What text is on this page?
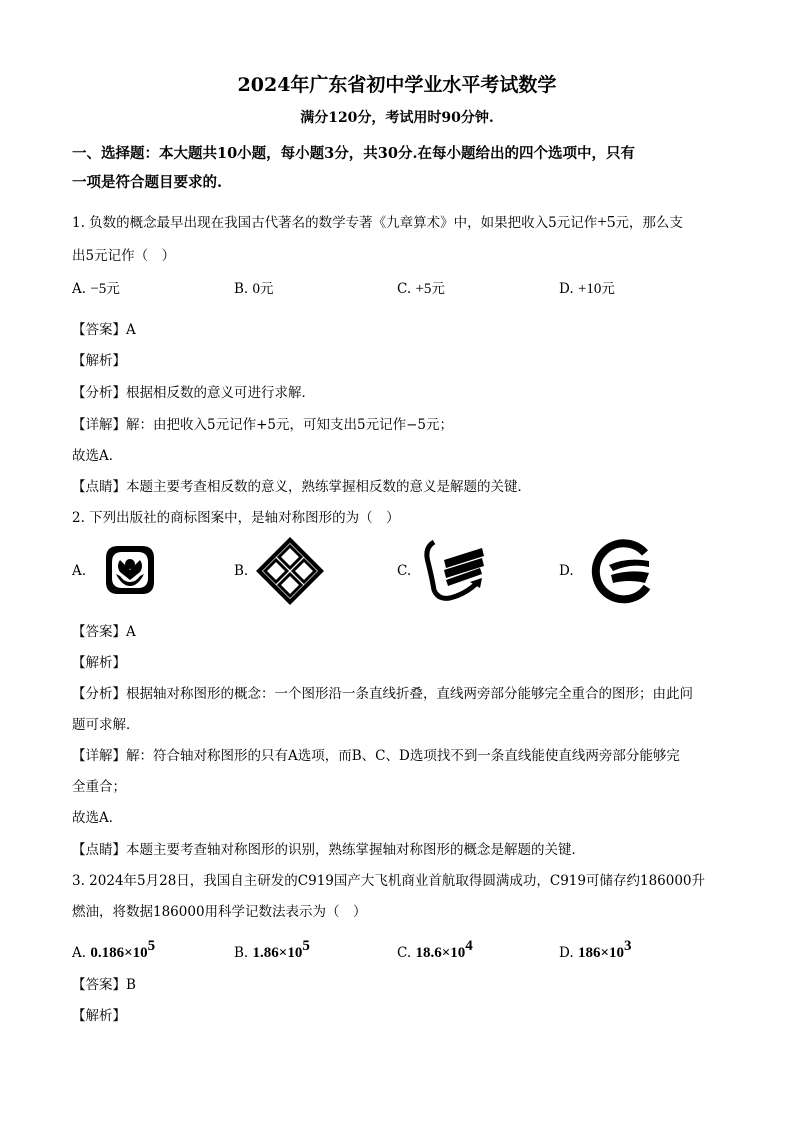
2024年广东省初中学业水平考试数学
满分120分，考试用时90分钟.
一、选择题：本大题共10小题，每小题3分，共30分.在每小题给出的四个选项中，只有
一项是符合题目要求的.
1. 负数的概念最早出现在我国古代著名的数学专著《九章算术》中，如果把收入5元记作+5元，那么支
出5元记作（　）
A. −5元	B. 0元	C. +5元	D. +10元
【答案】A
【解析】
【分析】根据相反数的意义可进行求解．
【详解】解：由把收入5元记作+5元，可知支出5元记作−5元；
故选A．
【点睛】本题主要考查相反数的意义，熟练掌握相反数的意义是解题的关键．
2. 下列出版社的商标图案中，是轴对称图形的为（　）
A.	B.	C.	D.
【答案】A
【解析】
【分析】根据轴对称图形的概念：一个图形沿一条直线折叠，直线两旁部分能够完全重合的图形；由此问
题可求解．
【详解】解：符合轴对称图形的只有A选项，而B、C、D选项找不到一条直线能使直线两旁部分能够完
全重合；
故选A．
【点睛】本题主要考查轴对称图形的识别，熟练掌握轴对称图形的概念是解题的关键．
3. 2024年5月28日，我国自主研发的C919国产大飞机商业首航取得圆满成功，C919可储存约186000升
燃油，将数据186000用科学记数法表示为（　）
A. $0.186\times 10^5$	B. $1.86\times 10^5$	C. $18.6\times 10^4$	D. $186\times 10^3$
【答案】B
【解析】
